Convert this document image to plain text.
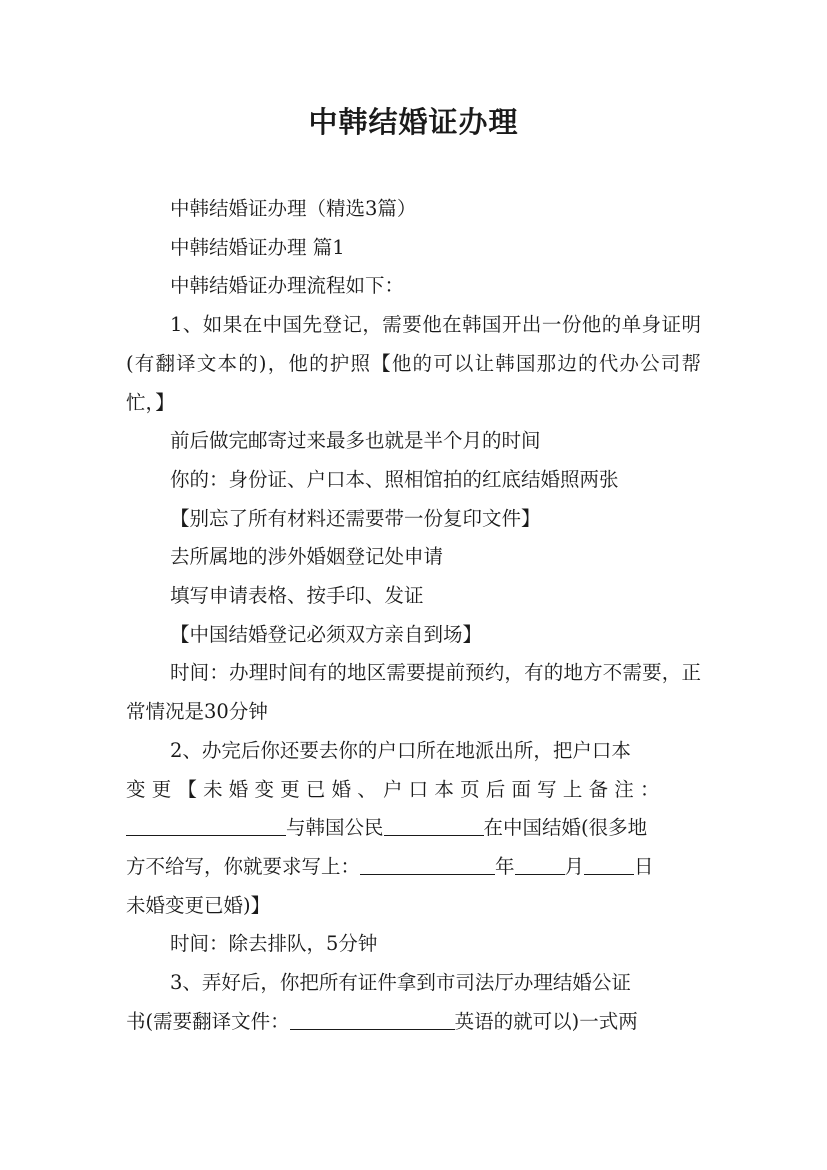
中韩结婚证办理

中韩结婚证办理（精选3篇）

中韩结婚证办理 篇1

中韩结婚证办理流程如下：

1、如果在中国先登记，需要他在韩国开出一份他的单身证明(有翻译文本的)，他的护照【他的可以让韩国那边的代办公司帮忙，】

前后做完邮寄过来最多也就是半个月的时间

你的：身份证、户口本、照相馆拍的红底结婚照两张

【别忘了所有材料还需要带一份复印文件】

去所属地的涉外婚姻登记处申请

填写申请表格、按手印、发证

【中国结婚登记必须双方亲自到场】

时间：办理时间有的地区需要提前预约，有的地方不需要，正常情况是30分钟

2、办完后你还要去你的户口所在地派出所，把户口本
变 更 【 未 婚 变 更 已 婚 、 户 口 本 页 后 面 写 上 备 注 ：
与韩国公民	在中国结婚(很多地
方不给写，你就要求写上：	年	月	日
未婚变更已婚)】

时间：除去排队，5分钟

3、弄好后，你把所有证件拿到市司法厅办理结婚公证
书(需要翻译文件：	英语的就可以)一式两
